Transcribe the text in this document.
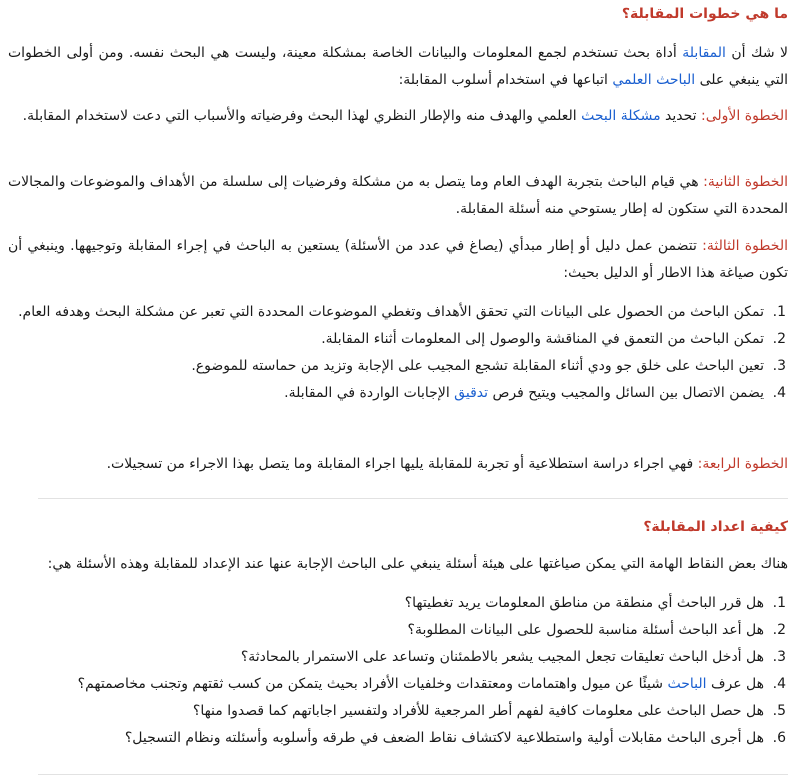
ما هي خطوات المقابلة؟

لا شك أن المقابلة أداة بحث تستخدم لجمع المعلومات والبيانات الخاصة بمشكلة معينة، وليست هي البحث نفسه. ومن أولى الخطوات التي ينبغي على الباحث العلمي اتباعها في استخدام أسلوب المقابلة:

الخطوة الأولى: تحديد مشكلة البحث العلمي والهدف منه والإطار النظري لهذا البحث وفرضياته والأسباب التي دعت لاستخدام المقابلة.

الخطوة الثانية: هي قيام الباحث بتجربة الهدف العام وما يتصل به من مشكلة وفرضيات إلى سلسلة من الأهداف والموضوعات والمجالات المحددة التي ستكون له إطار يستوحي منه أسئلة المقابلة.

الخطوة الثالثة: تتضمن عمل دليل أو إطار مبدأي (يصاغ في عدد من الأسئلة) يستعين به الباحث في إجراء المقابلة وتوجيهها. وينبغي أن تكون صياغة هذا الاطار أو الدليل بحيث:

1.
تمكن الباحث من الحصول على البيانات التي تحقق الأهداف وتغطي الموضوعات المحددة التي تعبر عن مشكلة البحث وهدفه العام.
2.
تمكن الباحث من التعمق في المناقشة والوصول إلى المعلومات أثناء المقابلة.
3.
تعين الباحث على خلق جو ودي أثناء المقابلة تشجع المجيب على الإجابة وتزيد من حماسته للموضوع.
4.
يضمن الاتصال بين السائل والمجيب ويتيح فرص تدقيق الإجابات الواردة في المقابلة.

الخطوة الرابعة: فهي اجراء دراسة استطلاعية أو تجربة للمقابلة يليها اجراء المقابلة وما يتصل بهذا الاجراء من تسجيلات.

كيفية اعداد المقابلة؟

هناك بعض النقاط الهامة التي يمكن صياغتها على هيئة أسئلة ينبغي على الباحث الإجابة عنها عند الإعداد للمقابلة وهذه الأسئلة هي:

1.
هل قرر الباحث أي منطقة من مناطق المعلومات يريد تغطيتها؟
2.
هل أعد الباحث أسئلة مناسبة للحصول على البيانات المطلوبة؟
3.
هل أدخل الباحث تعليقات تجعل المجيب يشعر بالاطمئنان وتساعد على الاستمرار بالمحادثة؟
4.
هل عرف الباحث شيئًا عن ميول واهتمامات ومعتقدات وخلفيات الأفراد بحيث يتمكن من كسب ثقتهم وتجنب مخاصمتهم؟
5.
هل حصل الباحث على معلومات كافية لفهم أطر المرجعية للأفراد ولتفسير اجاباتهم كما قصدوا منها؟
6.
هل أجرى الباحث مقابلات أولية واستطلاعية لاكتشاف نقاط الضعف في طرقه وأسلوبه وأسئلته ونظام التسجيل؟
